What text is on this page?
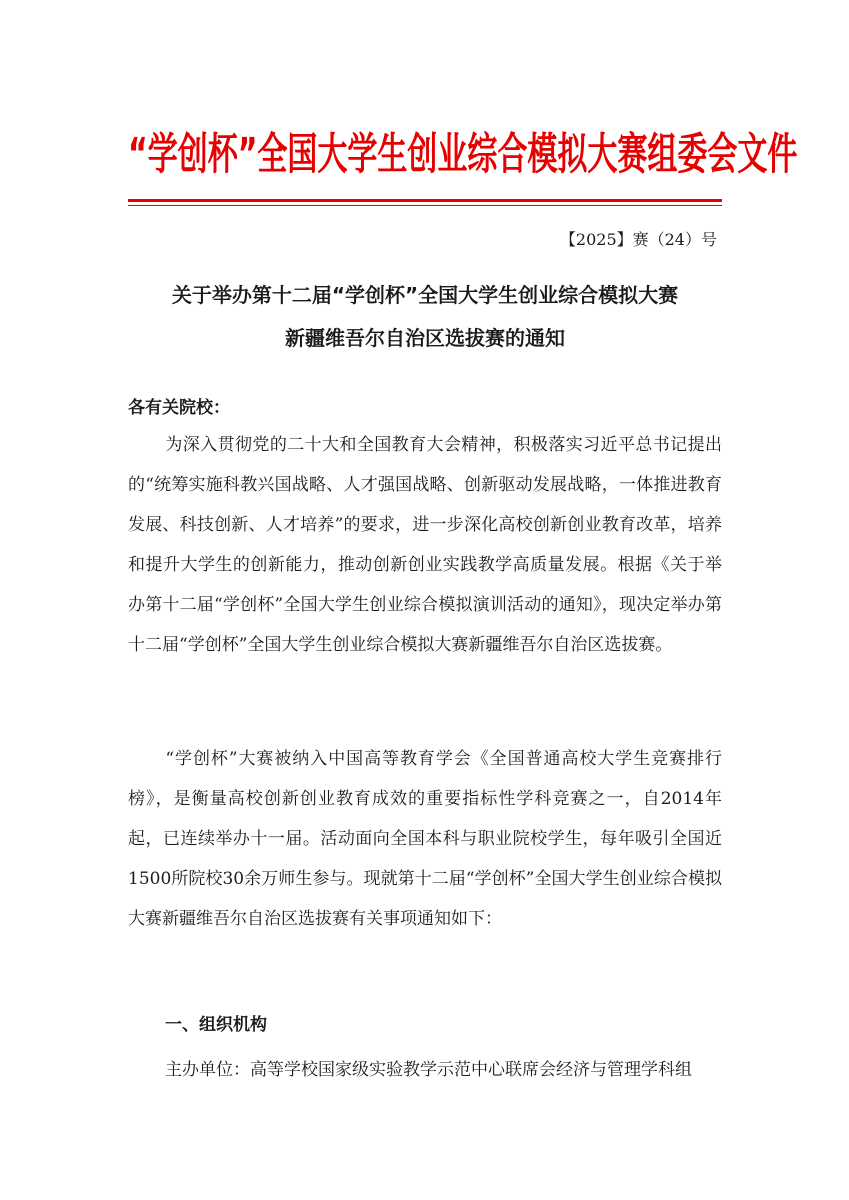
“学创杯”全国大学生创业综合模拟大赛组委会文件
【2025】赛（24）号
关于举办第十二届“学创杯”全国大学生创业综合模拟大赛
新疆维吾尔自治区选拔赛的通知
各有关院校：
为深入贯彻党的二十大和全国教育大会精神，积极落实习近平总书记提出的“统筹实施科教兴国战略、人才强国战略、创新驱动发展战略，一体推进教育发展、科技创新、人才培养”的要求，进一步深化高校创新创业教育改革，培养和提升大学生的创新能力，推动创新创业实践教学高质量发展。根据《关于举办第十二届“学创杯”全国大学生创业综合模拟演训活动的通知》，现决定举办第十二届“学创杯”全国大学生创业综合模拟大赛新疆维吾尔自治区选拔赛。
“学创杯”大赛被纳入中国高等教育学会《全国普通高校大学生竞赛排行榜》，是衡量高校创新创业教育成效的重要指标性学科竞赛之一，自2014年起，已连续举办十一届。活动面向全国本科与职业院校学生，每年吸引全国近1500所院校30余万师生参与。现就第十二届“学创杯”全国大学生创业综合模拟大赛新疆维吾尔自治区选拔赛有关事项通知如下：
一、组织机构
主办单位：高等学校国家级实验教学示范中心联席会经济与管理学科组
